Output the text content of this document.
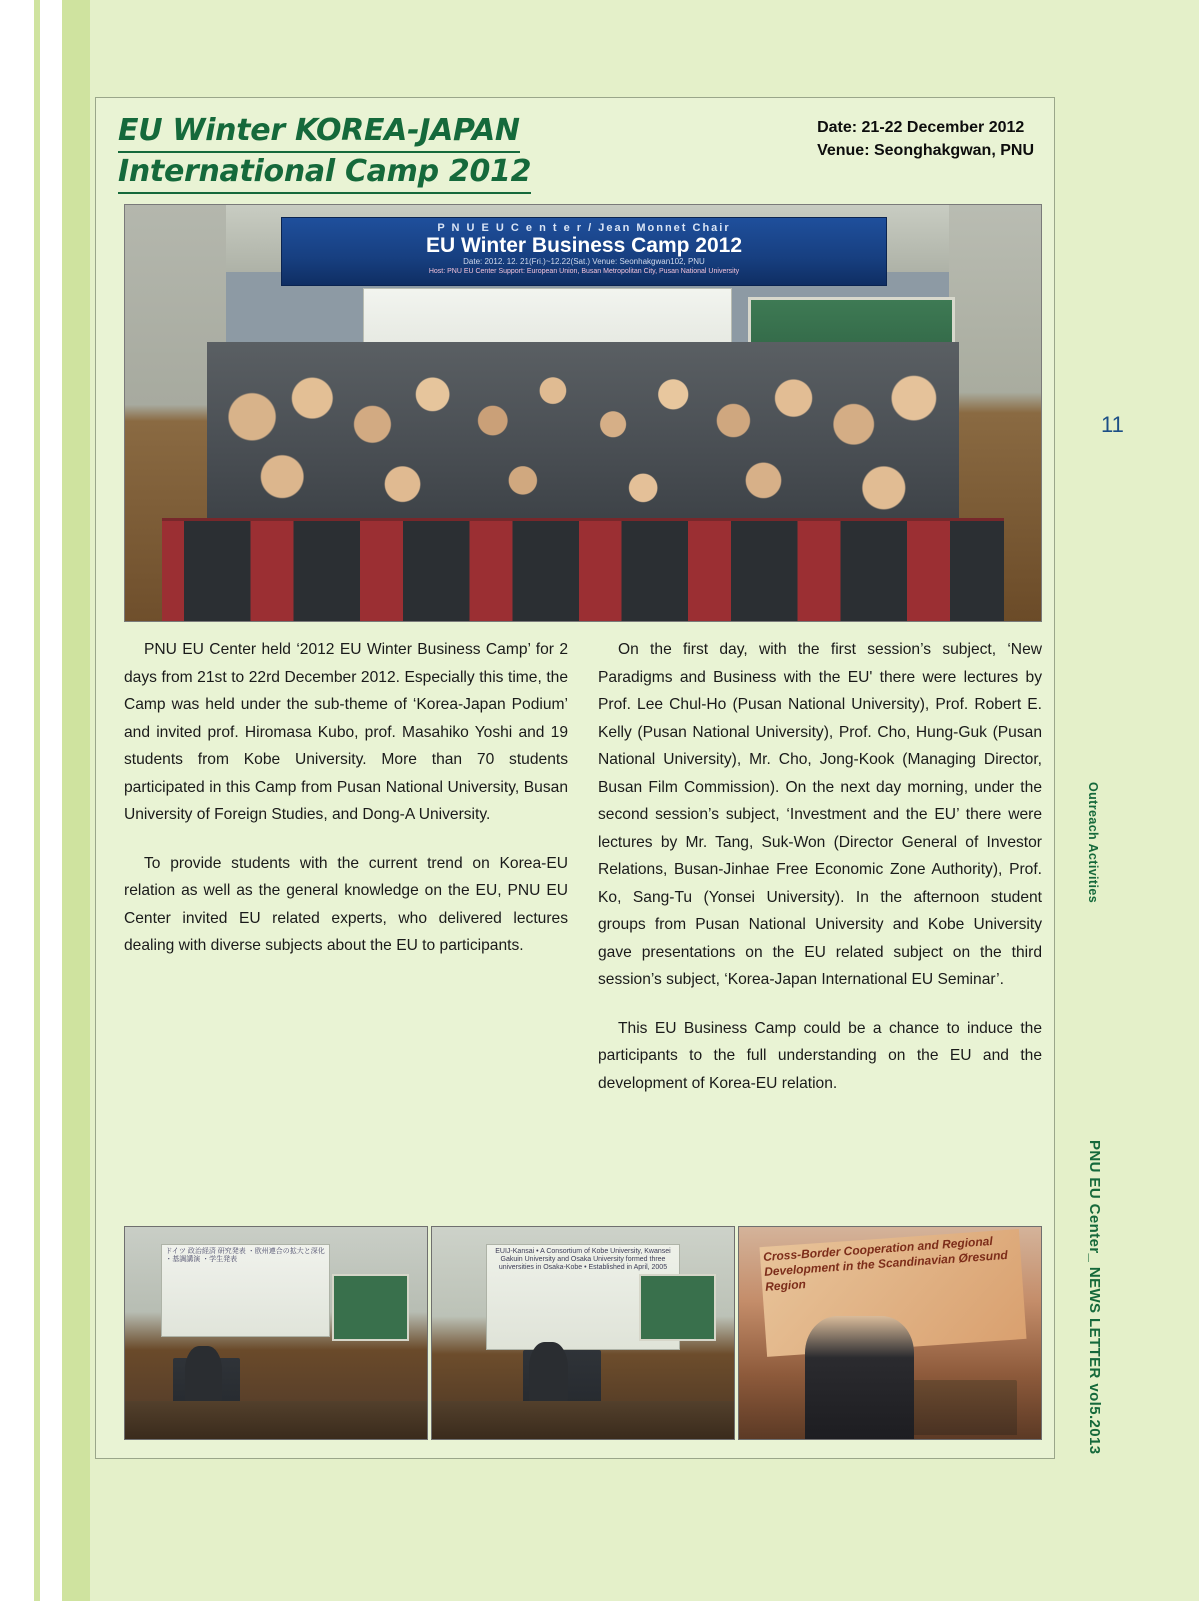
EU Winter KOREA-JAPAN
International Camp 2012
Date: 21-22 December 2012
Venue: Seonghakgwan, PNU
P N U E U C e n t e r / Jean Monnet Chair
EU Winter Business Camp 2012
Date: 2012. 12. 21(Fri.)~12.22(Sat.) Venue: Seonhakgwan102, PNU
Host: PNU EU Center Support: European Union, Busan Metropolitan City, Pusan National University

PNU EU Center held ‘2012 EU Winter Business Camp’ for 2 days from 21st to 22rd December 2012. Especially this time, the Camp was held under the sub-theme of ‘Korea-Japan Podium’ and invited prof. Hiromasa Kubo, prof. Masahiko Yoshi and 19 students from Kobe University. More than 70 students participated in this Camp from Pusan National University, Busan University of Foreign Studies, and Dong-A University.

To provide students with the current trend on Korea-EU relation as well as the general knowledge on the EU, PNU EU Center invited EU related experts, who delivered lectures dealing with diverse subjects about the EU to participants.

On the first day, with the first session’s subject, ‘New Paradigms and Business with the EU' there were lectures by Prof. Lee Chul-Ho (Pusan National University), Prof. Robert E. Kelly (Pusan National University), Prof. Cho, Hung-Guk (Pusan National University), Mr. Cho, Jong-Kook (Managing Director, Busan Film Commission). On the next day morning, under the second session’s subject, ‘Investment and the EU’ there were lectures by Mr. Tang, Suk-Won (Director General of Investor Relations, Busan-Jinhae Free Economic Zone Authority), Prof. Ko, Sang-Tu (Yonsei University). In the afternoon student groups from Pusan National University and Kobe University gave presentations on the EU related subject on the third session’s subject, ‘Korea-Japan International EU Seminar’.

This EU Business Camp could be a chance to induce the participants to the full understanding on the EU and the development of Korea-EU relation.

ドイツ 政治経済 研究発表 ・欧州連合の拡大と深化 ・基調講演 ・学生発表
EUIJ-Kansai • A Consortium of Kobe University, Kwansei Gakuin University and Osaka University formed three universities in Osaka-Kobe • Established in April, 2005
Cross-Border Cooperation and Regional Development in the Scandinavian Øresund Region
11
Outreach Activities
PNU EU Center_ NEWS LETTER vol5.2013
